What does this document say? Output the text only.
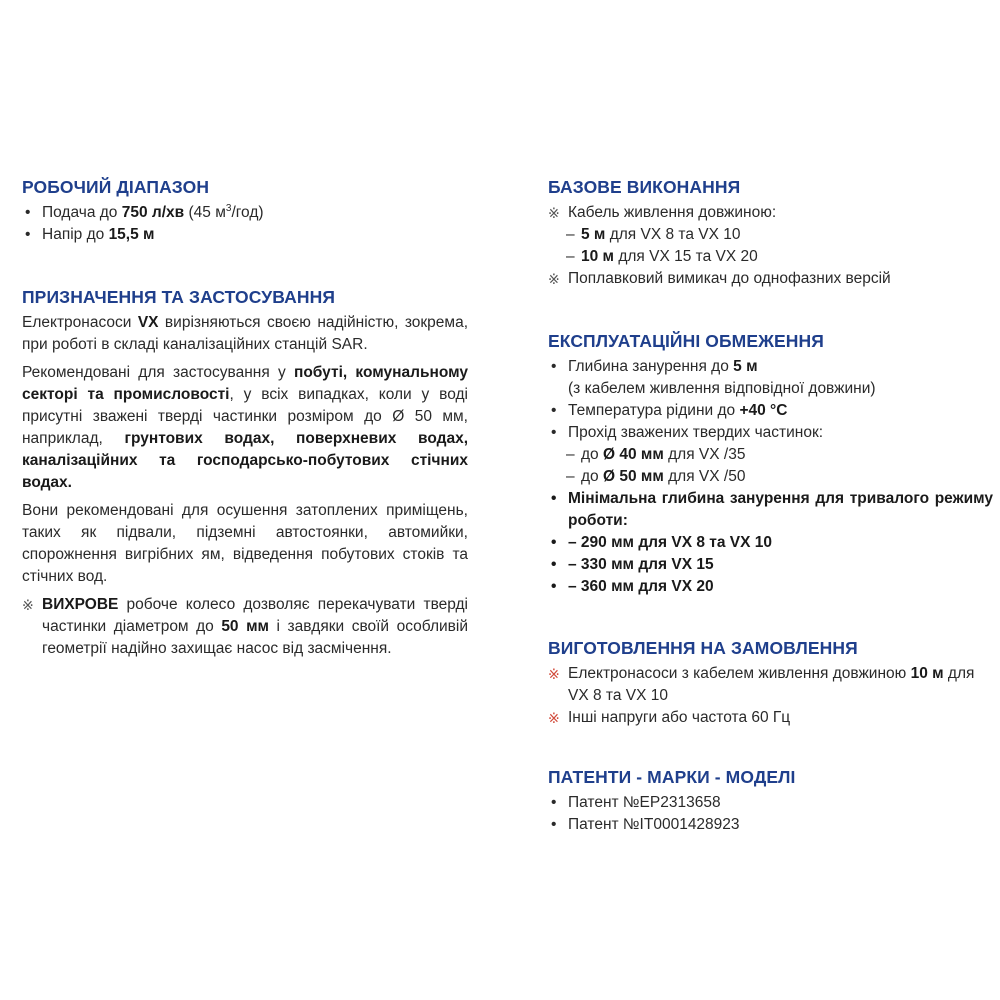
РОБОЧИЙ ДІАПАЗОН
• Подача до 750 л/хв (45 $м^3/год$)
• Напір до 15,5 м
ПРИЗНАЧЕННЯ ТА ЗАСТОСУВАННЯ

Електронасоси VX вирізняються своєю надійністю, зокрема, при роботі в складі каналізаційних станцій SAR.

Рекомендовані для застосування у побуті, комунальному секторі та промисловості, у всіх випадках, коли у воді присутні зважені тверді частинки розміром до Ø 50 мм, наприклад, грунтових водах, поверхневих водах, каналізаційних та господарсько-побутових стічних водах.

Вони рекомендовані для осушення затоплених приміщень, таких як підвали, підземні автостоянки, автомийки, спорожнення вигрібних ям, відведення побутових стоків та стічних вод.

※ ВИХРОВЕ робоче колесо дозволяє перекачувати тверді частинки діаметром до 50 мм і завдяки своїй особливій геометрії надійно захищає насос від засмічення.

БАЗОВЕ ВИКОНАННЯ
※ Кабель живлення довжиною:
– 5 м для VX 8 та VX 10
– 10 м для VX 15 та VX 20
※ Поплавковий вимикач до однофазних версій
ЕКСПЛУАТАЦІЙНІ ОБМЕЖЕННЯ
• Глибина занурення до 5 м
(з кабелем живлення відповідної довжини)
• Температура рідини до +40 °C
• Прохід зважених твердих частинок:
– до Ø 40 мм для VX /35
– до Ø 50 мм для VX /50
• Мінімальна глибина занурення для тривалого режиму роботи:
• – 290 мм для VX 8 та VX 10
• – 330 мм для VX 15
• – 360 мм для VX 20
ВИГОТОВЛЕННЯ НА ЗАМОВЛЕННЯ
※ Електронасоси з кабелем живлення довжиною 10 м для VX 8 та VX 10
※ Інші напруги або частота 60 Гц
ПАТЕНТИ - МАРКИ - МОДЕЛІ
• Патент №EP2313658
• Патент №IT0001428923
